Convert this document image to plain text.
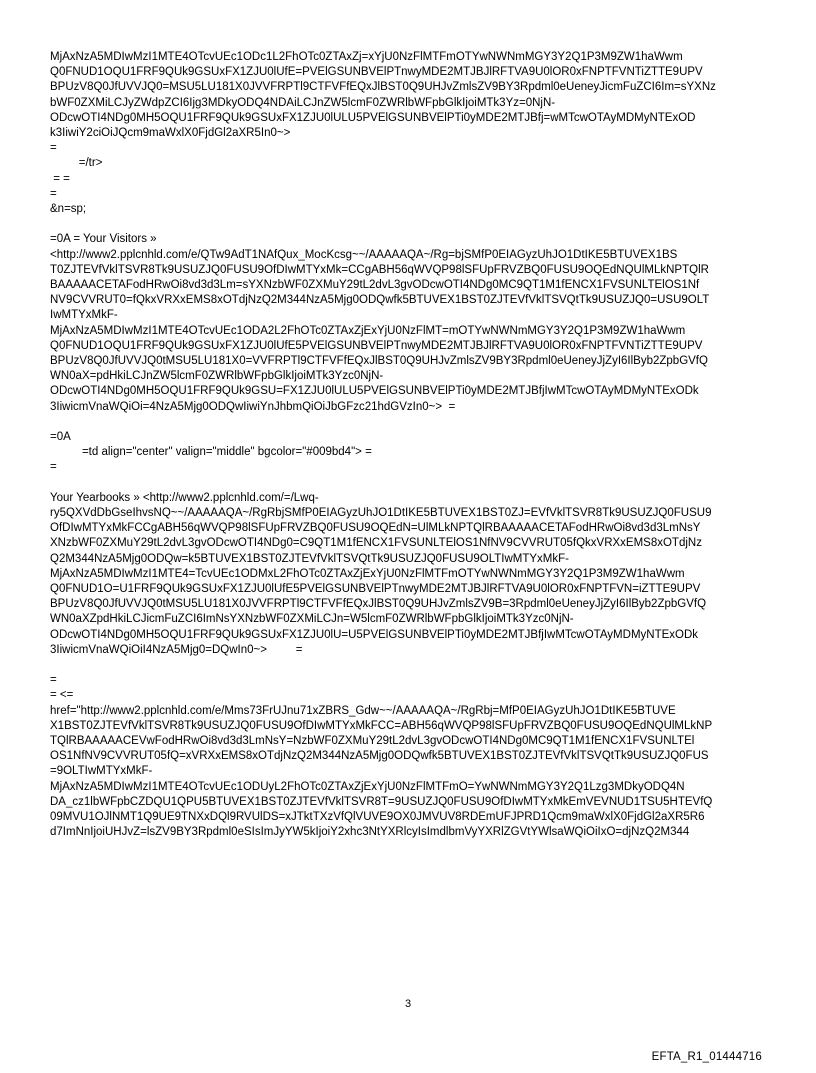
MjAxNzA5MDIwMzI1MTE4OTcvUEc1ODc1L2FhOTc0ZTAxZj=xYjU0NzFlMTFmOTYwNWNmMGY3Y2Q1P3M9ZW1haWwm
Q0FNUD1OQU1FRF9QUk9GSUxFX1ZJU0lUfE=PVElGSUNBVElPTnwyMDE2MTJBJlRFTVA9U0lOR0xFNPTFVNTiZTTE9UPV
BPUzV8Q0JfUVVJQ0=MSU5LU181X0JVVFRPTl9CTFVFfEQxJlBST0Q9UHJvZmlsZV9BY3Rpdml0eUeneyJicmFuZCI6Im=sYXNz
bWF0ZXMiLCJyZWdpZCI6Ijg3MDkyODQ4NDAiLCJnZW5lcmF0ZWRlbWFpbGlkIjoiMTk3Yz=0NjN-
ODcwOTI4NDg0MH5OQU1FRF9QUk9GSUxFX1ZJU0lULU5PVElGSUNBVElPTi0yMDE2MTJBfj=wMTcwOTAyMDMyNTExOD
k3IiwiY2ciOiJQcm9maWxlX0FjdGl2aXR5In0~>
=
=/tr>
= =
=
&n=sp;
=0A = Your Visitors »
<http://www2.pplcnhld.com/e/QTw9AdT1NAfQux_MocKcsg~~/AAAAAQA~/Rg=bjSMfP0EIAGyzUhJO1DtIKE5BTUVEX1BS
T0ZJTEVfVklTSVR8Tk9USUZJQ0FUSU9OfDIwMTYxMk=CCgABH56qWVQP98lSFUpFRVZBQ0FUSU9OQEdNQUlMLkNPTQlR
BAAAAACETAFodHRwOi8vd3d3Lm=sYXNzbWF0ZXMuY29tL2dvL3gvODcwOTI4NDg0MC9QT1M1fENCX1FVSUNLTElOS1Nf
NV9CVVRUT0=fQkxVRXxEMS8xOTdjNzQ2M344NzA5Mjg0ODQwfk5BTUVEX1BST0ZJTEVfVklTSVQtTk9USUZJQ0=USU9OLT
IwMTYxMkF-
MjAxNzA5MDIwMzI1MTE4OTcvUEc1ODA2L2FhOTc0ZTAxZjExYjU0NzFlMT=mOTYwNWNmMGY3Y2Q1P3M9ZW1haWwm
Q0FNUD1OQU1FRF9QUk9GSUxFX1ZJU0lUfE5PVElGSUNBVElPTnwyMDE2MTJBJlRFTVA9U0lOR0xFNPTFVNTiZTTE9UPV
BPUzV8Q0JfUVVJQ0tMSU5LU181X0=VVFRPTl9CTFVFfEQxJlBST0Q9UHJvZmlsZV9BY3Rpdml0eUeneyJjZyI6IlByb2ZpbGVfQ
WN0aX=pdHkiLCJnZW5lcmF0ZWRlbWFpbGlkIjoiMTk3Yzc0NjN-
ODcwOTI4NDg0MH5OQU1FRF9QUk9GSU=FX1ZJU0lULU5PVElGSUNBVElPTi0yMDE2MTJBfjIwMTcwOTAyMDMyNTExODk
3IiwicmVnaWQiOi=4NzA5Mjg0ODQwIiwiYnJhbmQiOiJbGFzc21hdGVzIn0~>  =
=0A
=td align="center" valign="middle" bgcolor="#009bd4"> =
=
Your Yearbooks » <http://www2.pplcnhld.com/=/Lwq-
ry5QXVdDbGseIhvsNQ~~/AAAAAQA~/RgRbjSMfP0EIAGyzUhJO1DtIKE5BTUVEX1BST0ZJ=EVfVklTSVR8Tk9USUZJQ0FUSU9
OfDIwMTYxMkFCCgABH56qWVQP98lSFUpFRVZBQ0FUSU9OQEdN=UlMLkNPTQlRBAAAAACETAFodHRwOi8vd3d3LmNsY
XNzbWF0ZXMuY29tL2dvL3gvODcwOTI4NDg0=C9QT1M1fENCX1FVSUNLTElOS1NfNV9CVVRUT05fQkxVRXxEMS8xOTdjNz
Q2M344NzA5Mjg0ODQw=k5BTUVEX1BST0ZJTEVfVklTSVQtTk9USUZJQ0FUSU9OLTIwMTYxMkF-
MjAxNzA5MDIwMzI1MTE4=TcvUEc1ODMxL2FhOTc0ZTAxZjExYjU0NzFlMTFmOTYwNWNmMGY3Y2Q1P3M9ZW1haWwm
Q0FNUD1O=U1FRF9QUk9GSUxFX1ZJU0lUfE5PVElGSUNBVElPTnwyMDE2MTJBJlRFTVA9U0lOR0xFNPTFVN=iZTTE9UPV
BPUzV8Q0JfUVVJQ0tMSU5LU181X0JVVFRPTl9CTFVFfEQxJlBST0Q9UHJvZmlsZV9B=3Rpdml0eUeneyJjZyI6IlByb2ZpbGVfQ
WN0aXZpdHkiLCJicmFuZCI6ImNsYXNzbWF0ZXMiLCJn=W5lcmF0ZWRlbWFpbGlkIjoiMTk3Yzc0NjN-
ODcwOTI4NDg0MH5OQU1FRF9QUk9GSUxFX1ZJU0lU=U5PVElGSUNBVElPTi0yMDE2MTJBfjIwMTcwOTAyMDMyNTExODk
3IiwicmVnaWQiOiI4NzA5Mjg0=DQwIn0~>         =
=
= <=
href="http://www2.pplcnhld.com/e/Mms73FrUJnu71xZBRS_Gdw~~/AAAAAQA~/RgRbj=MfP0EIAGyzUhJO1DtIKE5BTUVE
X1BST0ZJTEVfVklTSVR8Tk9USUZJQ0FUSU9OfDIwMTYxMkFCC=ABH56qWVQP98lSFUpFRVZBQ0FUSU9OQEdNQUlMLkNP
TQlRBAAAAACEVwFodHRwOi8vd3d3LmNsY=NzbWF0ZXMuY29tL2dvL3gvODcwOTI4NDg0MC9QT1M1fENCX1FVSUNLTEl
OS1NfNV9CVVRUT05fQ=xVRXxEMS8xOTdjNzQ2M344NzA5Mjg0ODQwfk5BTUVEX1BST0ZJTEVfVklTSVQtTk9USUZJQ0FUS
=9OLTIwMTYxMkF-
MjAxNzA5MDIwMzI1MTE4OTcvUEc1ODUyL2FhOTc0ZTAxZjExYjU0NzFlMTFmO=YwNWNmMGY3Y2Q1Lzg3MDkyODQ4N
DA_cz1lbWFpbCZDQU1QPU5BTUVEX1BST0ZJTEVfVklTSVR8T=9USUZJQ0FUSU9OfDIwMTYxMkEmVEVNUD1TSU5HTEVfQ
09MVU1OJlNMT1Q9UE9TNXxDQl9RVUlDS=xJTktTXzVfQlVUVE9OX0JMVUV8RDEmUFJPRD1Qcm9maWxlX0FjdGl2aXR5R6
d7ImNnIjoiUHJvZ=lsZV9BY3Rpdml0eSIsImJyYW5kIjoiY2xhc3NtYXRlcyIsImdlbmVyYXRlZGVtYWlsaWQiOiIxO=djNzQ2M344
3
EFTA_R1_01444716
